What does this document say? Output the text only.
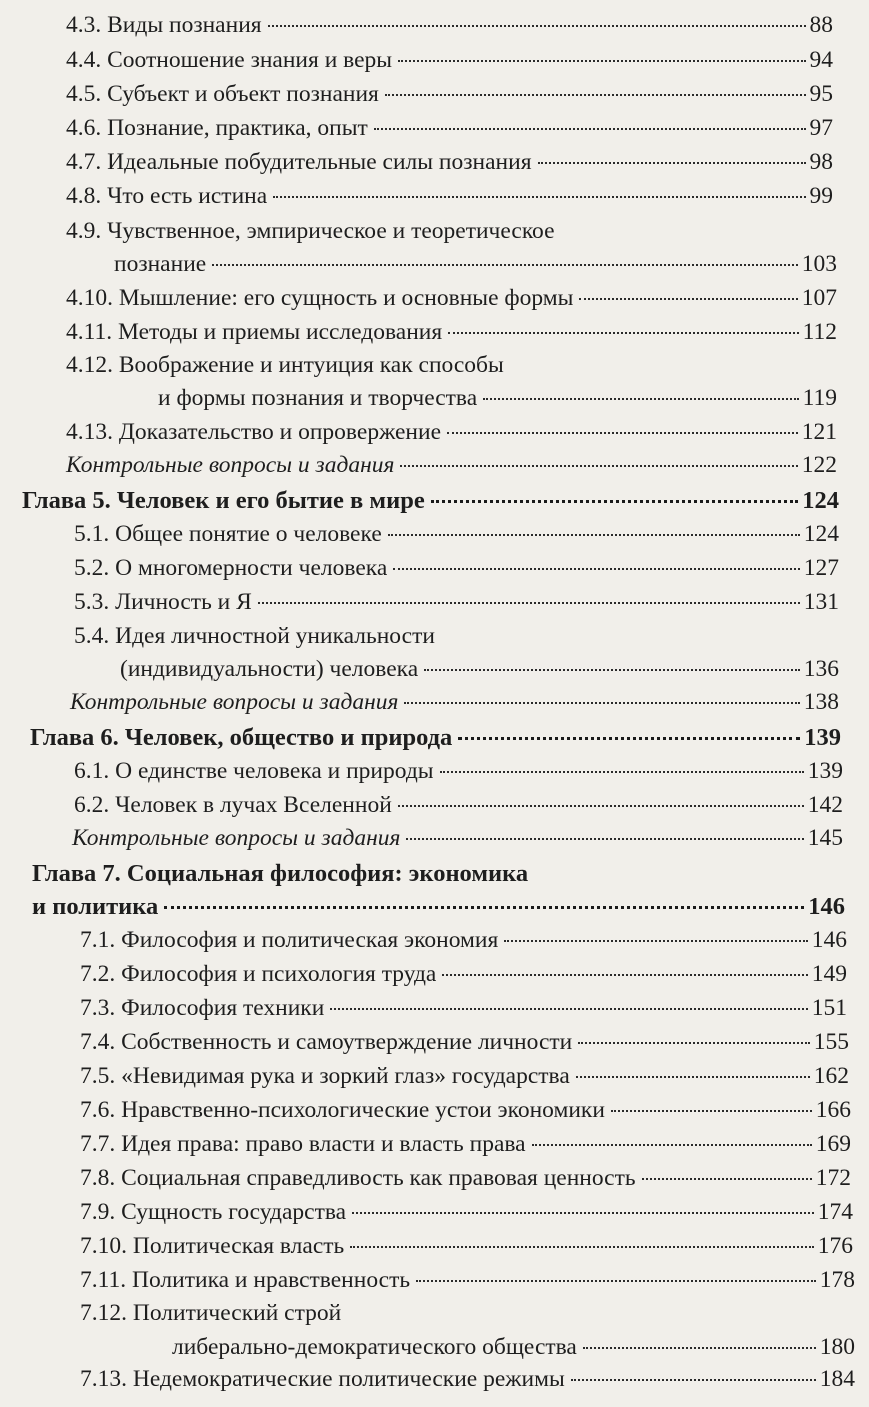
4.3. Виды познания	88
4.4. Соотношение знания и веры	94
4.5. Субъект и объект познания	95
4.6. Познание, практика, опыт	97
4.7. Идеальные побудительные силы познания	98
4.8. Что есть истина	99
4.9. Чувственное, эмпирическое и теоретическое
познание	103
4.10. Мышление: его сущность и основные формы	107
4.11. Методы и приемы исследования	112
4.12. Воображение и интуиция как способы
и формы познания и творчества	119
4.13. Доказательство и опровержение	121
Контрольные вопросы и задания	122
Глава 5. Человек и его бытие в мире	124
5.1. Общее понятие о человеке	124
5.2. О многомерности человека	127
5.3. Личность и Я	131
5.4. Идея личностной уникальности
(индивидуальности) человека	136
Контрольные вопросы и задания	138
Глава 6. Человек, общество и природа	139
6.1. О единстве человека и природы	139
6.2. Человек в лучах Вселенной	142
Контрольные вопросы и задания	145
Глава 7. Социальная философия: экономика
и политика	146
7.1. Философия и политическая экономия	146
7.2. Философия и психология труда	149
7.3. Философия техники	151
7.4. Собственность и самоутверждение личности	155
7.5. «Невидимая рука и зоркий глаз» государства	162
7.6. Нравственно-психологические устои экономики	166
7.7. Идея права: право власти и власть права	169
7.8. Социальная справедливость как правовая ценность	172
7.9. Сущность государства	174
7.10. Политическая власть	176
7.11. Политика и нравственность	178
7.12. Политический строй
либерально-демократического общества	180
7.13. Недемократические политические режимы	184
